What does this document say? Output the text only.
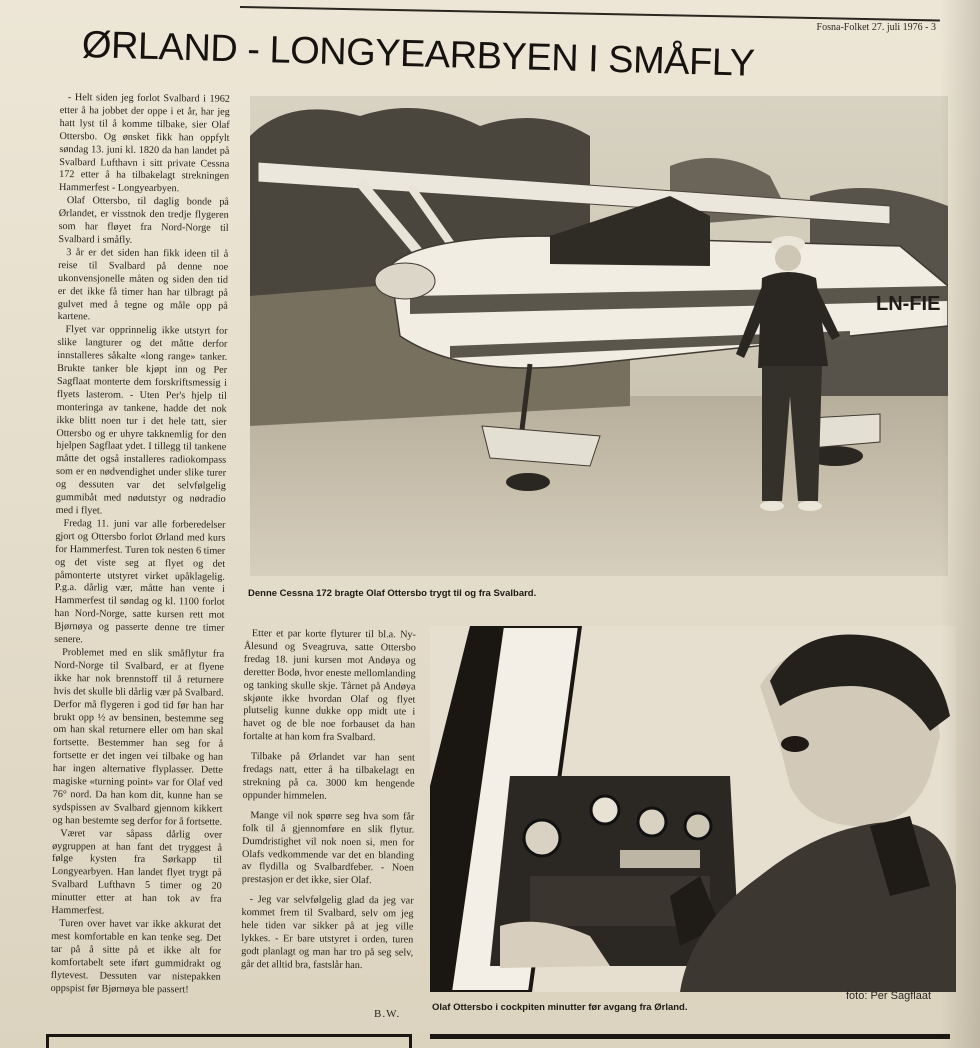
Fosna-Folket 27. juli 1976 - 3
ØRLAND - LONGYEARBYEN I SMÅFLY

- Helt siden jeg forlot Svalbard i 1962 etter å ha jobbet der oppe i et år, har jeg hatt lyst til å komme tilbake, sier Olaf Ottersbo. Og ønsket fikk han oppfylt søndag 13. juni kl. 1820 da han landet på Svalbard Lufthavn i sitt private Cessna 172 etter å ha tilbakelagt strekningen Hammerfest - Longyearbyen.

Olaf Ottersbo, til daglig bonde på Ørlandet, er visstnok den tredje flygeren som har fløyet fra Nord-Norge til Svalbard i småfly.

3 år er det siden han fikk ideen til å reise til Svalbard på denne noe ukonvensjonelle måten og siden den tid er det ikke få timer han har tilbragt på gulvet med å tegne og måle opp på kartene.

Flyet var opprinnelig ikke utstyrt for slike langturer og det måtte derfor innstalleres såkalte «long range» tanker. Brukte tanker ble kjøpt inn og Per Sagflaat monterte dem forskriftsmessig i flyets lasterom. - Uten Per's hjelp til monteringa av tankene, hadde det nok ikke blitt noen tur i det hele tatt, sier Ottersbo og er uhyre takknemlig for den hjelpen Sagflaat ydet. I tillegg til tankene måtte det også installeres radiokompass som er en nødvendighet under slike turer og dessuten var det selvfølgelig gummibåt med nødutstyr og nødradio med i flyet.

Fredag 11. juni var alle forberedelser gjort og Ottersbo forlot Ørland med kurs for Hammerfest. Turen tok nesten 6 timer og det viste seg at flyet og det påmonterte utstyret virket upåklagelig. P.g.a. dårlig vær, måtte han vente i Hammerfest til søndag og kl. 1100 forlot han Nord-Norge, satte kursen rett mot Bjørnøya og passerte denne tre timer senere.

Problemet med en slik småflytur fra Nord-Norge til Svalbard, er at flyene ikke har nok brennstoff til å returnere hvis det skulle bli dårlig vær på Svalbard. Derfor må flygeren i god tid før han har brukt opp ½ av bensinen, bestemme seg om han skal returnere eller om han skal fortsette. Bestemmer han seg for å fortsette er det ingen vei tilbake og han har ingen alternative flyplasser. Dette magiske «turning point» var for Olaf ved 76° nord. Da han kom dit, kunne han se sydspissen av Svalbard gjennom kikkert og han bestemte seg derfor for å fortsette.

Været var såpass dårlig over øygruppen at han fant det tryggest å følge kysten fra Sørkapp til Longyearbyen. Han landet flyet trygt på Svalbard Lufthavn 5 timer og 20 minutter etter at han tok av fra Hammerfest.

Turen over havet var ikke akkurat det mest komfortable en kan tenke seg. Det tar på å sitte på et ikke alt for komfortabelt sete iført gummidrakt og flytevest. Dessuten var nistepakken oppspist før Bjørnøya ble passert!

LN-FIE
Denne Cessna 172 bragte Olaf Ottersbo trygt til og fra Svalbard.

Etter et par korte flyturer til bl.a. Ny-Ålesund og Sveagruva, satte Ottersbo fredag 18. juni kursen mot Andøya og deretter Bodø, hvor eneste mellomlanding og tanking skulle skje. Tårnet på Andøya skjønte ikke hvordan Olaf og flyet plutselig kunne dukke opp midt ute i havet og de ble noe forbauset da han fortalte at han kom fra Svalbard.

Tilbake på Ørlandet var han sent fredags natt, etter å ha tilbakelagt en strekning på ca. 3000 km hengende oppunder himmelen.

Mange vil nok spørre seg hva som får folk til å gjennomføre en slik flytur. Dumdristighet vil nok noen si, men for Olafs vedkommende var det en blanding av flydilla og Svalbardfeber. - Noen prestasjon er det ikke, sier Olaf.

- Jeg var selvfølgelig glad da jeg var kommet frem til Svalbard, selv om jeg hele tiden var sikker på at jeg ville lykkes. - Er bare utstyret i orden, turen godt planlagt og man har tro på seg selv, går det alltid bra, fastslår han.

B.W.
foto: Per Sagflaat
Olaf Ottersbo i cockpiten minutter før avgang fra Ørland.
